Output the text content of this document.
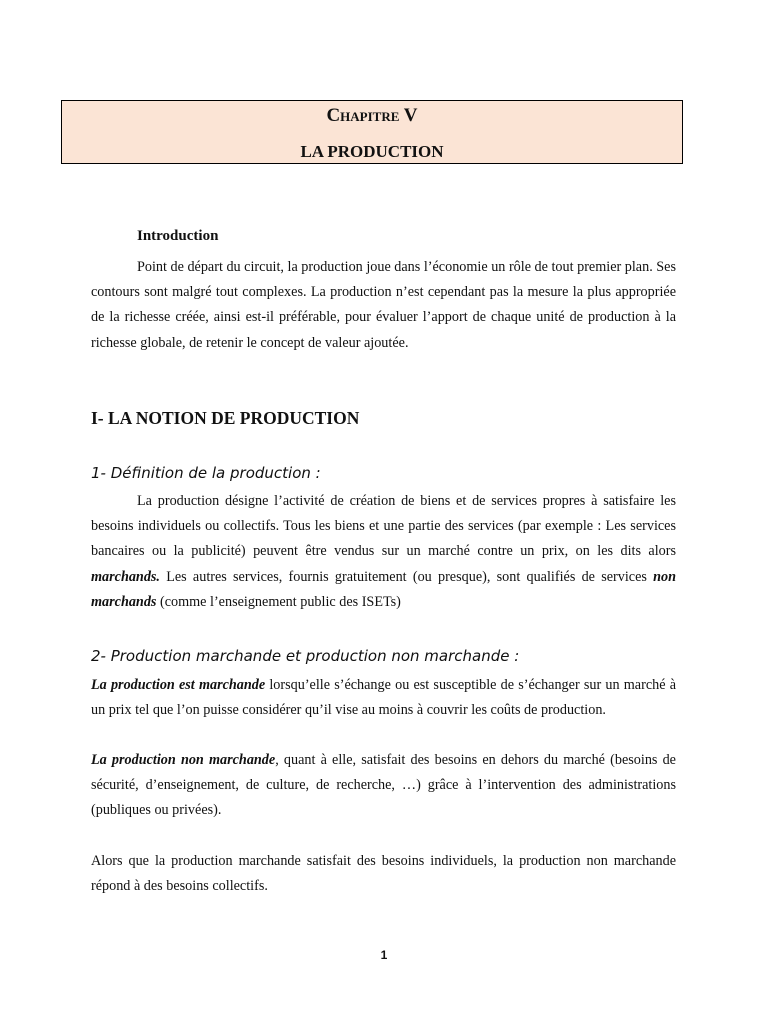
Chapitre V
LA PRODUCTION
Introduction

Point de départ du circuit, la production joue dans l’économie un rôle de tout premier plan. Ses contours sont malgré tout complexes. La production n’est cependant pas la mesure la plus appropriée de la richesse créée, ainsi est-il préférable, pour évaluer l’apport de chaque unité de production à la richesse globale, de retenir le concept de valeur ajoutée.

I- LA NOTION DE PRODUCTION
1- Définition de la production :

La production désigne l’activité de création de biens et de services propres à satisfaire les besoins individuels ou collectifs. Tous les biens et une partie des services (par exemple : Les services bancaires ou la publicité) peuvent être vendus sur un marché contre un prix, on les dits alors marchands. Les autres services, fournis gratuitement (ou presque), sont qualifiés de services non marchands (comme l’enseignement public des ISETs)

2- Production marchande et production non marchande :

La production est marchande lorsqu’elle s’échange ou est susceptible de s’échanger sur un marché à un prix tel que l’on puisse considérer qu’il vise au moins à couvrir les coûts de production.

La production non marchande, quant à elle, satisfait des besoins en dehors du marché (besoins de sécurité, d’enseignement, de culture, de recherche, …) grâce à l’intervention des administrations (publiques ou privées).

Alors que la production marchande satisfait des besoins individuels, la production non marchande répond à des besoins collectifs.

1
